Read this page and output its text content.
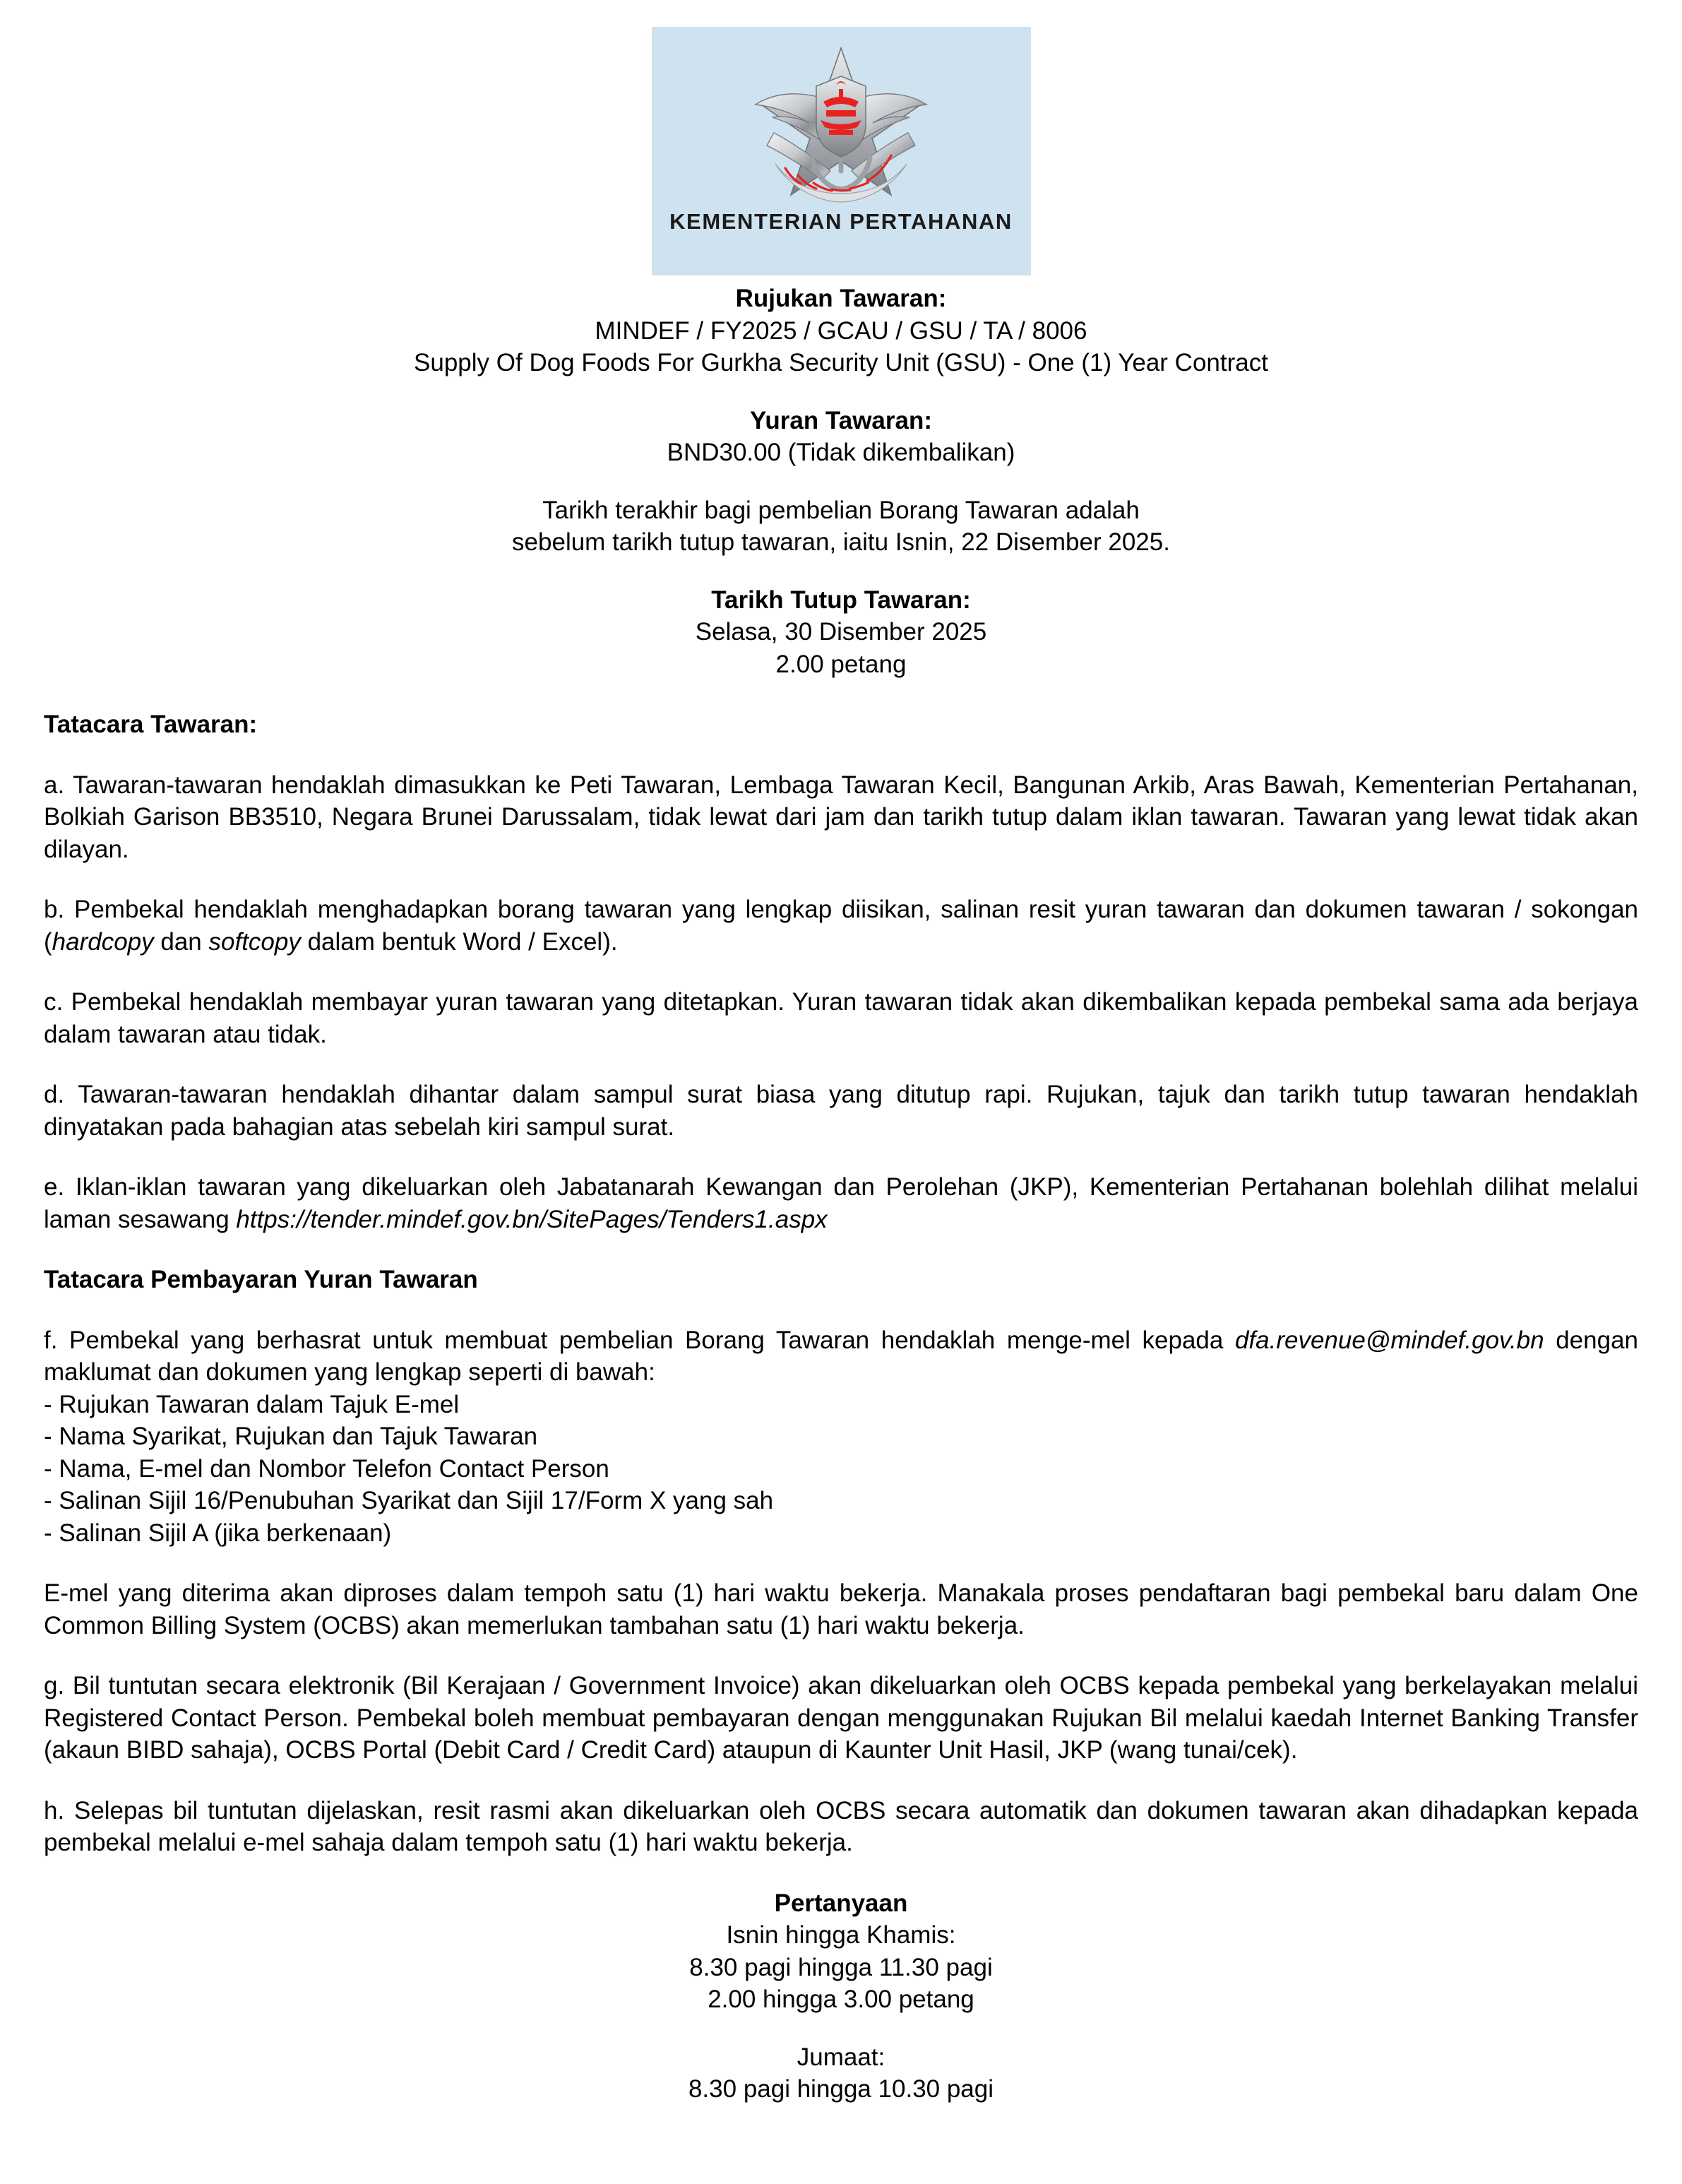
KEMENTERIAN PERTAHANAN
Rujukan Tawaran:
MINDEF / FY2025 / GCAU / GSU / TA / 8006
Supply Of Dog Foods For Gurkha Security Unit (GSU) - One (1) Year Contract
Yuran Tawaran:
BND30.00 (Tidak dikembalikan)
Tarikh terakhir bagi pembelian Borang Tawaran adalah
sebelum tarikh tutup tawaran, iaitu Isnin, 22 Disember 2025.
Tarikh Tutup Tawaran:
Selasa, 30 Disember 2025
2.00 petang
Tatacara Tawaran:

a. Tawaran-tawaran hendaklah dimasukkan ke Peti Tawaran, Lembaga Tawaran Kecil, Bangunan Arkib, Aras Bawah, Kementerian Pertahanan, Bolkiah Garison BB3510, Negara Brunei Darussalam, tidak lewat dari jam dan tarikh tutup dalam iklan tawaran. Tawaran yang lewat tidak akan dilayan.

b. Pembekal hendaklah menghadapkan borang tawaran yang lengkap diisikan, salinan resit yuran tawaran dan dokumen tawaran / sokongan (hardcopy dan softcopy dalam bentuk Word / Excel).

c. Pembekal hendaklah membayar yuran tawaran yang ditetapkan. Yuran tawaran tidak akan dikembalikan kepada pembekal sama ada berjaya dalam tawaran atau tidak.

d. Tawaran-tawaran hendaklah dihantar dalam sampul surat biasa yang ditutup rapi. Rujukan, tajuk dan tarikh tutup tawaran hendaklah dinyatakan pada bahagian atas sebelah kiri sampul surat.

e. Iklan-iklan tawaran yang dikeluarkan oleh Jabatanarah Kewangan dan Perolehan (JKP), Kementerian Pertahanan bolehlah dilihat melalui laman sesawang https://tender.mindef.gov.bn/SitePages/Tenders1.aspx

Tatacara Pembayaran Yuran Tawaran

f. Pembekal yang berhasrat untuk membuat pembelian Borang Tawaran hendaklah menge-mel kepada dfa.revenue@mindef.gov.bn dengan maklumat dan dokumen yang lengkap seperti di bawah:

- Rujukan Tawaran dalam Tajuk E-mel
- Nama Syarikat, Rujukan dan Tajuk Tawaran
- Nama, E-mel dan Nombor Telefon Contact Person
- Salinan Sijil 16/Penubuhan Syarikat dan Sijil 17/Form X yang sah
- Salinan Sijil A (jika berkenaan)

E-mel yang diterima akan diproses dalam tempoh satu (1) hari waktu bekerja. Manakala proses pendaftaran bagi pembekal baru dalam One Common Billing System (OCBS) akan memerlukan tambahan satu (1) hari waktu bekerja.

g. Bil tuntutan secara elektronik (Bil Kerajaan / Government Invoice) akan dikeluarkan oleh OCBS kepada pembekal yang berkelayakan melalui Registered Contact Person. Pembekal boleh membuat pembayaran dengan menggunakan Rujukan Bil melalui kaedah Internet Banking Transfer (akaun BIBD sahaja), OCBS Portal (Debit Card / Credit Card) ataupun di Kaunter Unit Hasil, JKP (wang tunai/cek).

h. Selepas bil tuntutan dijelaskan, resit rasmi akan dikeluarkan oleh OCBS secara automatik dan dokumen tawaran akan dihadapkan kepada pembekal melalui e-mel sahaja dalam tempoh satu (1) hari waktu bekerja.

Pertanyaan
Isnin hingga Khamis:
8.30 pagi hingga 11.30 pagi
2.00 hingga 3.00 petang
Jumaat:
8.30 pagi hingga 10.30 pagi
